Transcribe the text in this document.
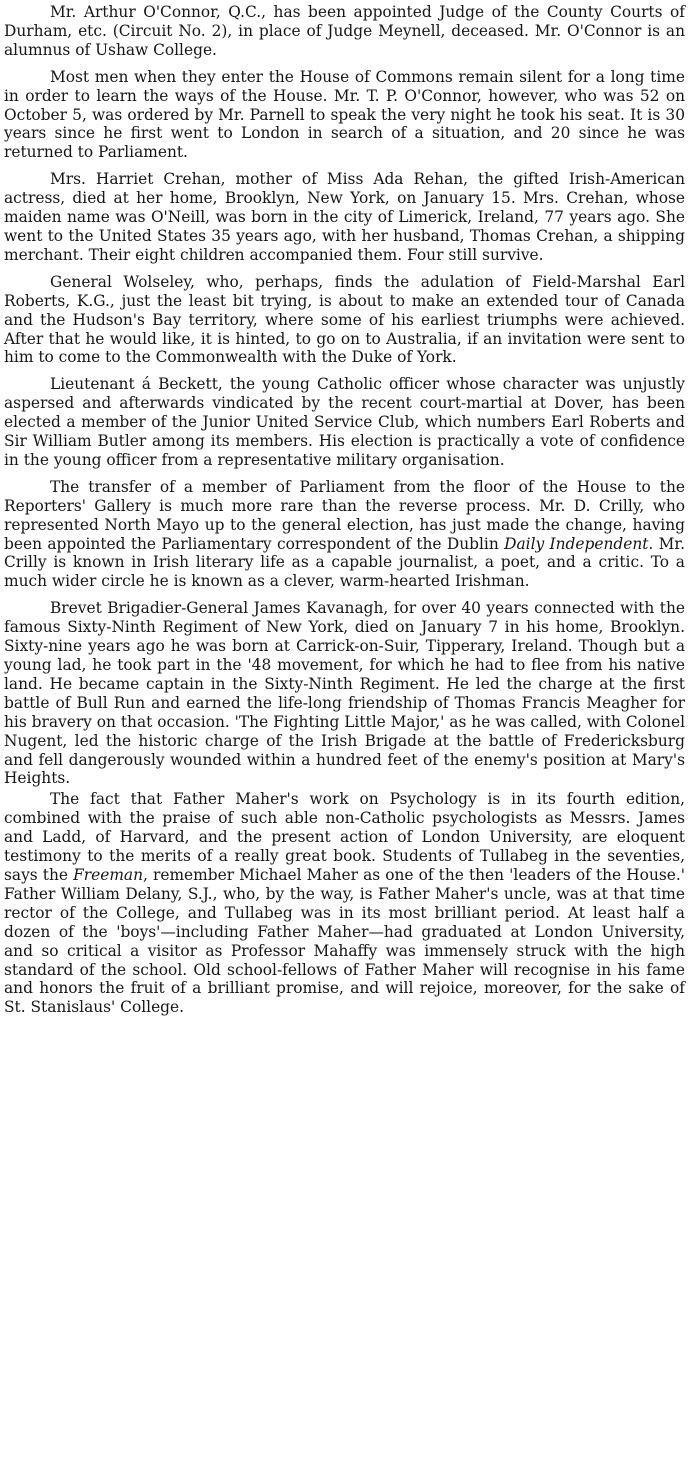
Mr. Arthur O'Connor, Q.C., has been appointed Judge of the County Courts of Durham, etc. (Circuit No. 2), in place of Judge Meynell, deceased. Mr. O'Connor is an alumnus of Ushaw College.

Most men when they enter the House of Commons remain silent for a long time in order to learn the ways of the House. Mr. T. P. O'Connor, however, who was 52 on October 5, was ordered by Mr. Parnell to speak the very night he took his seat. It is 30 years since he first went to London in search of a situation, and 20 since he was returned to Parliament.

Mrs. Harriet Crehan, mother of Miss Ada Rehan, the gifted Irish-American actress, died at her home, Brooklyn, New York, on January 15. Mrs. Crehan, whose maiden name was O'Neill, was born in the city of Limerick, Ireland, 77 years ago. She went to the United States 35 years ago, with her husband, Thomas Crehan, a shipping merchant. Their eight children accompanied them. Four still survive.

General Wolseley, who, perhaps, finds the adulation of Field-Marshal Earl Roberts, K.G., just the least bit trying, is about to make an extended tour of Canada and the Hudson's Bay territory, where some of his earliest triumphs were achieved. After that he would like, it is hinted, to go on to Australia, if an invitation were sent to him to come to the Commonwealth with the Duke of York.

Lieutenant á Beckett, the young Catholic officer whose character was unjustly aspersed and afterwards vindicated by the recent court-martial at Dover, has been elected a member of the Junior United Service Club, which numbers Earl Roberts and Sir William Butler among its members. His election is practically a vote of confidence in the young officer from a representative military organisation.

The transfer of a member of Parliament from the floor of the House to the Reporters' Gallery is much more rare than the reverse process. Mr. D. Crilly, who represented North Mayo up to the general election, has just made the change, having been appointed the Parliamentary correspondent of the Dublin Daily Independent. Mr. Crilly is known in Irish literary life as a capable journalist, a poet, and a critic. To a much wider circle he is known as a clever, warm-hearted Irishman.

Brevet Brigadier-General James Kavanagh, for over 40 years connected with the famous Sixty-Ninth Regiment of New York, died on January 7 in his home, Brooklyn. Sixty-nine years ago he was born at Carrick-on-Suir, Tipperary, Ireland. Though but a young lad, he took part in the '48 movement, for which he had to flee from his native land. He became captain in the Sixty-Ninth Regiment. He led the charge at the first battle of Bull Run and earned the life-long friendship of Thomas Francis Meagher for his bravery on that occasion. 'The Fighting Little Major,' as he was called, with Colonel Nugent, led the historic charge of the Irish Brigade at the battle of Fredericksburg and fell dangerously wounded within a hundred feet of the enemy's position at Mary's Heights.

The fact that Father Maher's work on Psychology is in its fourth edition, combined with the praise of such able non-Catholic psychologists as Messrs. James and Ladd, of Harvard, and the present action of London University, are eloquent testimony to the merits of a really great book. Students of Tullabeg in the seventies, says the Freeman, remember Michael Maher as one of the then 'leaders of the House.' Father William Delany, S.J., who, by the way, is Father Maher's uncle, was at that time rector of the College, and Tullabeg was in its most brilliant period. At least half a dozen of the 'boys'—including Father Maher—had graduated at London University, and so critical a visitor as Professor Mahaffy was immensely struck with the high standard of the school. Old school-fellows of Father Maher will recognise in his fame and honors the fruit of a brilliant promise, and will rejoice, moreover, for the sake of St. Stanislaus' College.
